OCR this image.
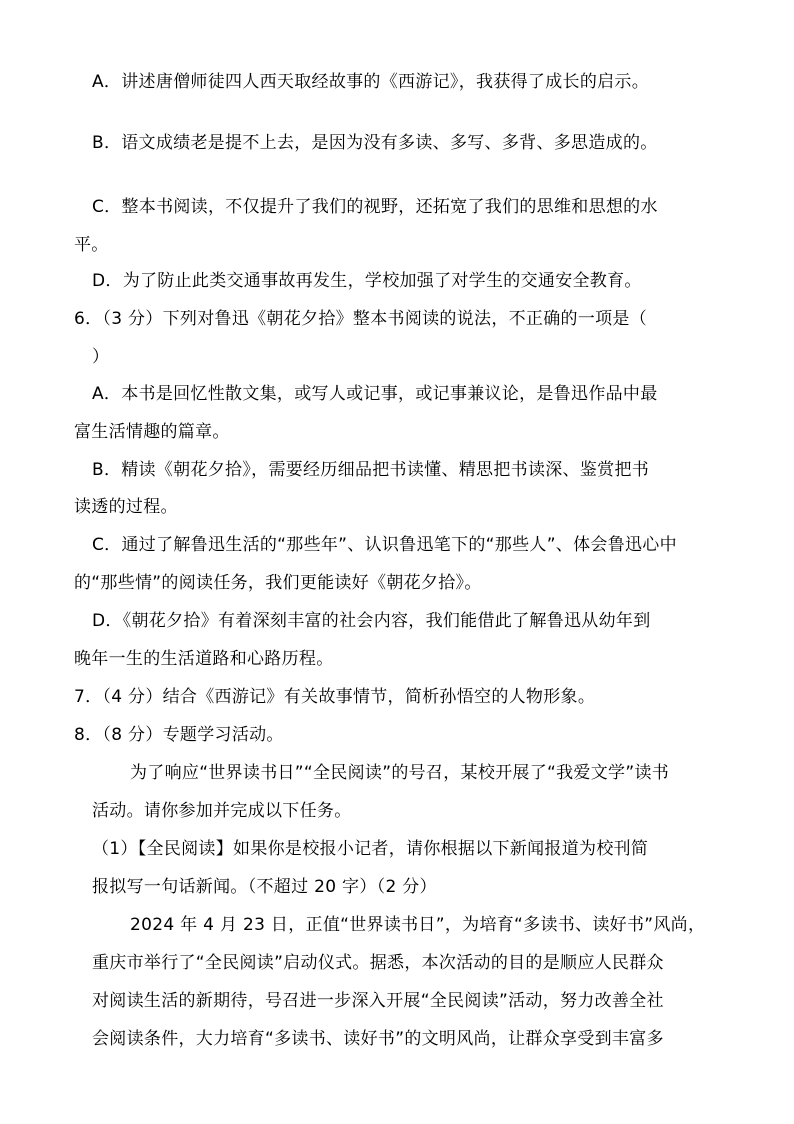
A．讲述唐僧师徒四人西天取经故事的《西游记》，我获得了成长的启示。
B．语文成绩老是提不上去，是因为没有多读、多写、多背、多思造成的。
C．整本书阅读，不仅提升了我们的视野，还拓宽了我们的思维和思想的水
平。
D．为了防止此类交通事故再发生，学校加强了对学生的交通安全教育。
6．（3 分）下列对鲁迅《朝花夕拾》整本书阅读的说法，不正确的一项是（
）
A．本书是回忆性散文集，或写人或记事，或记事兼议论，是鲁迅作品中最
富生活情趣的篇章。
B．精读《朝花夕拾》，需要经历细品把书读懂、精思把书读深、鉴赏把书
读透的过程。
C．通过了解鲁迅生活的“那些年”、认识鲁迅笔下的“那些人”、体会鲁迅心中
的“那些情”的阅读任务，我们更能读好《朝花夕拾》。
D．《朝花夕拾》有着深刻丰富的社会内容，我们能借此了解鲁迅从幼年到
晚年一生的生活道路和心路历程。
7．（4 分）结合《西游记》有关故事情节，简析孙悟空的人物形象。
8．（8 分）专题学习活动。
为了响应“世界读书日”“全民阅读”的号召，某校开展了“我爱文学”读书
活动。请你参加并完成以下任务。
（1）【全民阅读】如果你是校报小记者，请你根据以下新闻报道为校刊简
报拟写一句话新闻。（不超过 20 字）（2 分）
2024 年 4 月 23 日，正值“世界读书日”，为培育“多读书、读好书”风尚，
重庆市举行了“全民阅读”启动仪式。据悉，本次活动的目的是顺应人民群众
对阅读生活的新期待，号召进一步深入开展“全民阅读”活动，努力改善全社
会阅读条件，大力培育“多读书、读好书”的文明风尚，让群众享受到丰富多
